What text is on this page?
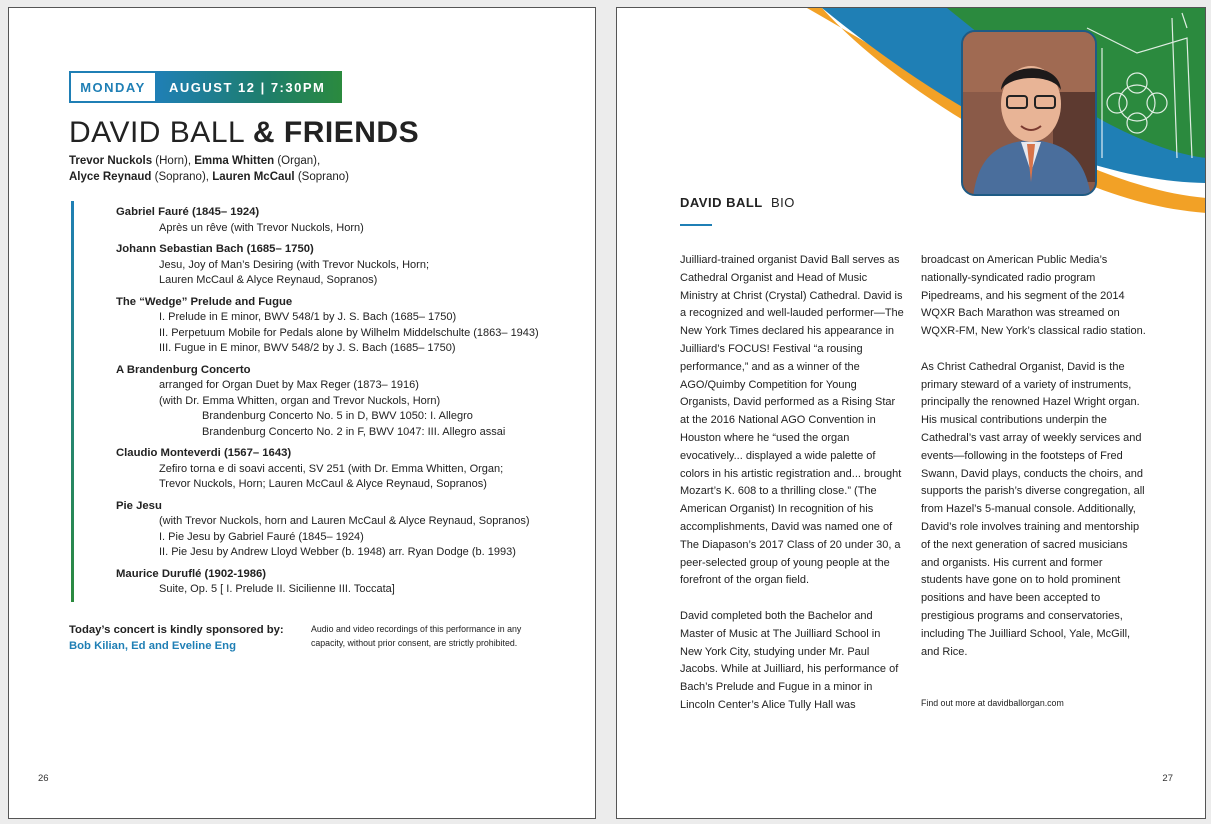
MONDAY	AUGUST 12 | 7:30PM
DAVID BALL & FRIENDS
Trevor Nuckols (Horn), Emma Whitten (Organ),
Alyce Reynaud (Soprano), Lauren McCaul (Soprano)
Gabriel Fauré (1845– 1924)
Après un rêve (with Trevor Nuckols, Horn)
Johann Sebastian Bach (1685– 1750)
Jesu, Joy of Man’s Desiring (with Trevor Nuckols, Horn;
Lauren McCaul & Alyce Reynaud, Sopranos)
The “Wedge” Prelude and Fugue
I. Prelude in E minor, BWV 548/1 by J. S. Bach (1685– 1750)
II. Perpetuum Mobile for Pedals alone by Wilhelm Middelschulte (1863– 1943)
III. Fugue in E minor, BWV 548/2 by J. S. Bach (1685– 1750)
A Brandenburg Concerto
arranged for Organ Duet by Max Reger (1873– 1916)
(with Dr. Emma Whitten, organ and Trevor Nuckols, Horn)
Brandenburg Concerto No. 5 in D, BWV 1050: I. Allegro
Brandenburg Concerto No. 2 in F, BWV 1047: III. Allegro assai
Claudio Monteverdi (1567– 1643)
Zefiro torna e di soavi accenti, SV 251 (with Dr. Emma Whitten, Organ;
Trevor Nuckols, Horn; Lauren McCaul & Alyce Reynaud, Sopranos)
Pie Jesu
(with Trevor Nuckols, horn and Lauren McCaul & Alyce Reynaud, Sopranos)
I. Pie Jesu by Gabriel Fauré (1845– 1924)
II. Pie Jesu by Andrew Lloyd Webber (b. 1948) arr. Ryan Dodge (b. 1993)
Maurice Duruflé (1902-1986)
Suite, Op. 5 [ I. Prelude II. Sicilienne III. Toccata]
Today’s concert is kindly sponsored by:
Bob Kilian, Ed and Eveline Eng
Audio and video recordings of this performance in any capacity, without prior consent, are strictly prohibited.
26
DAVID BALL  BIO

Juilliard-trained organist David Ball serves as Cathedral Organist and Head of Music Ministry at Christ (Crystal) Cathedral. David is a recognized and well-lauded performer—The New York Times declared his appearance in Juilliard’s FOCUS! Festival “a rousing performance,” and as a winner of the AGO/Quimby Competition for Young Organists, David performed as a Rising Star at the 2016 National AGO Convention in Houston where he “used the organ evocatively... displayed a wide palette of colors in his artistic registration and... brought Mozart’s K. 608 to a thrilling close.” (The American Organist) In recognition of his accomplishments, David was named one of The Diapason’s 2017 Class of 20 under 30, a peer-selected group of young people at the forefront of the organ field.

David completed both the Bachelor and Master of Music at The Juilliard School in New York City, studying under Mr. Paul Jacobs. While at Juilliard, his performance of Bach’s Prelude and Fugue in a minor in Lincoln Center’s Alice Tully Hall was

broadcast on American Public Media’s nationally-syndicated radio program Pipedreams, and his segment of the 2014 WQXR Bach Marathon was streamed on WQXR-FM, New York’s classical radio station.

As Christ Cathedral Organist, David is the primary steward of a variety of instruments, principally the renowned Hazel Wright organ. His musical contributions underpin the Cathedral’s vast array of weekly services and events—following in the footsteps of Fred Swann, David plays, conducts the choirs, and supports the parish’s diverse congregation, all from Hazel’s 5-manual console. Additionally, David’s role involves training and mentorship of the next generation of sacred musicians and organists. His current and former students have gone on to hold prominent positions and have been accepted to prestigious programs and conservatories, including The Juilliard School, Yale, McGill, and Rice.

Find out more at davidballorgan.com
27
